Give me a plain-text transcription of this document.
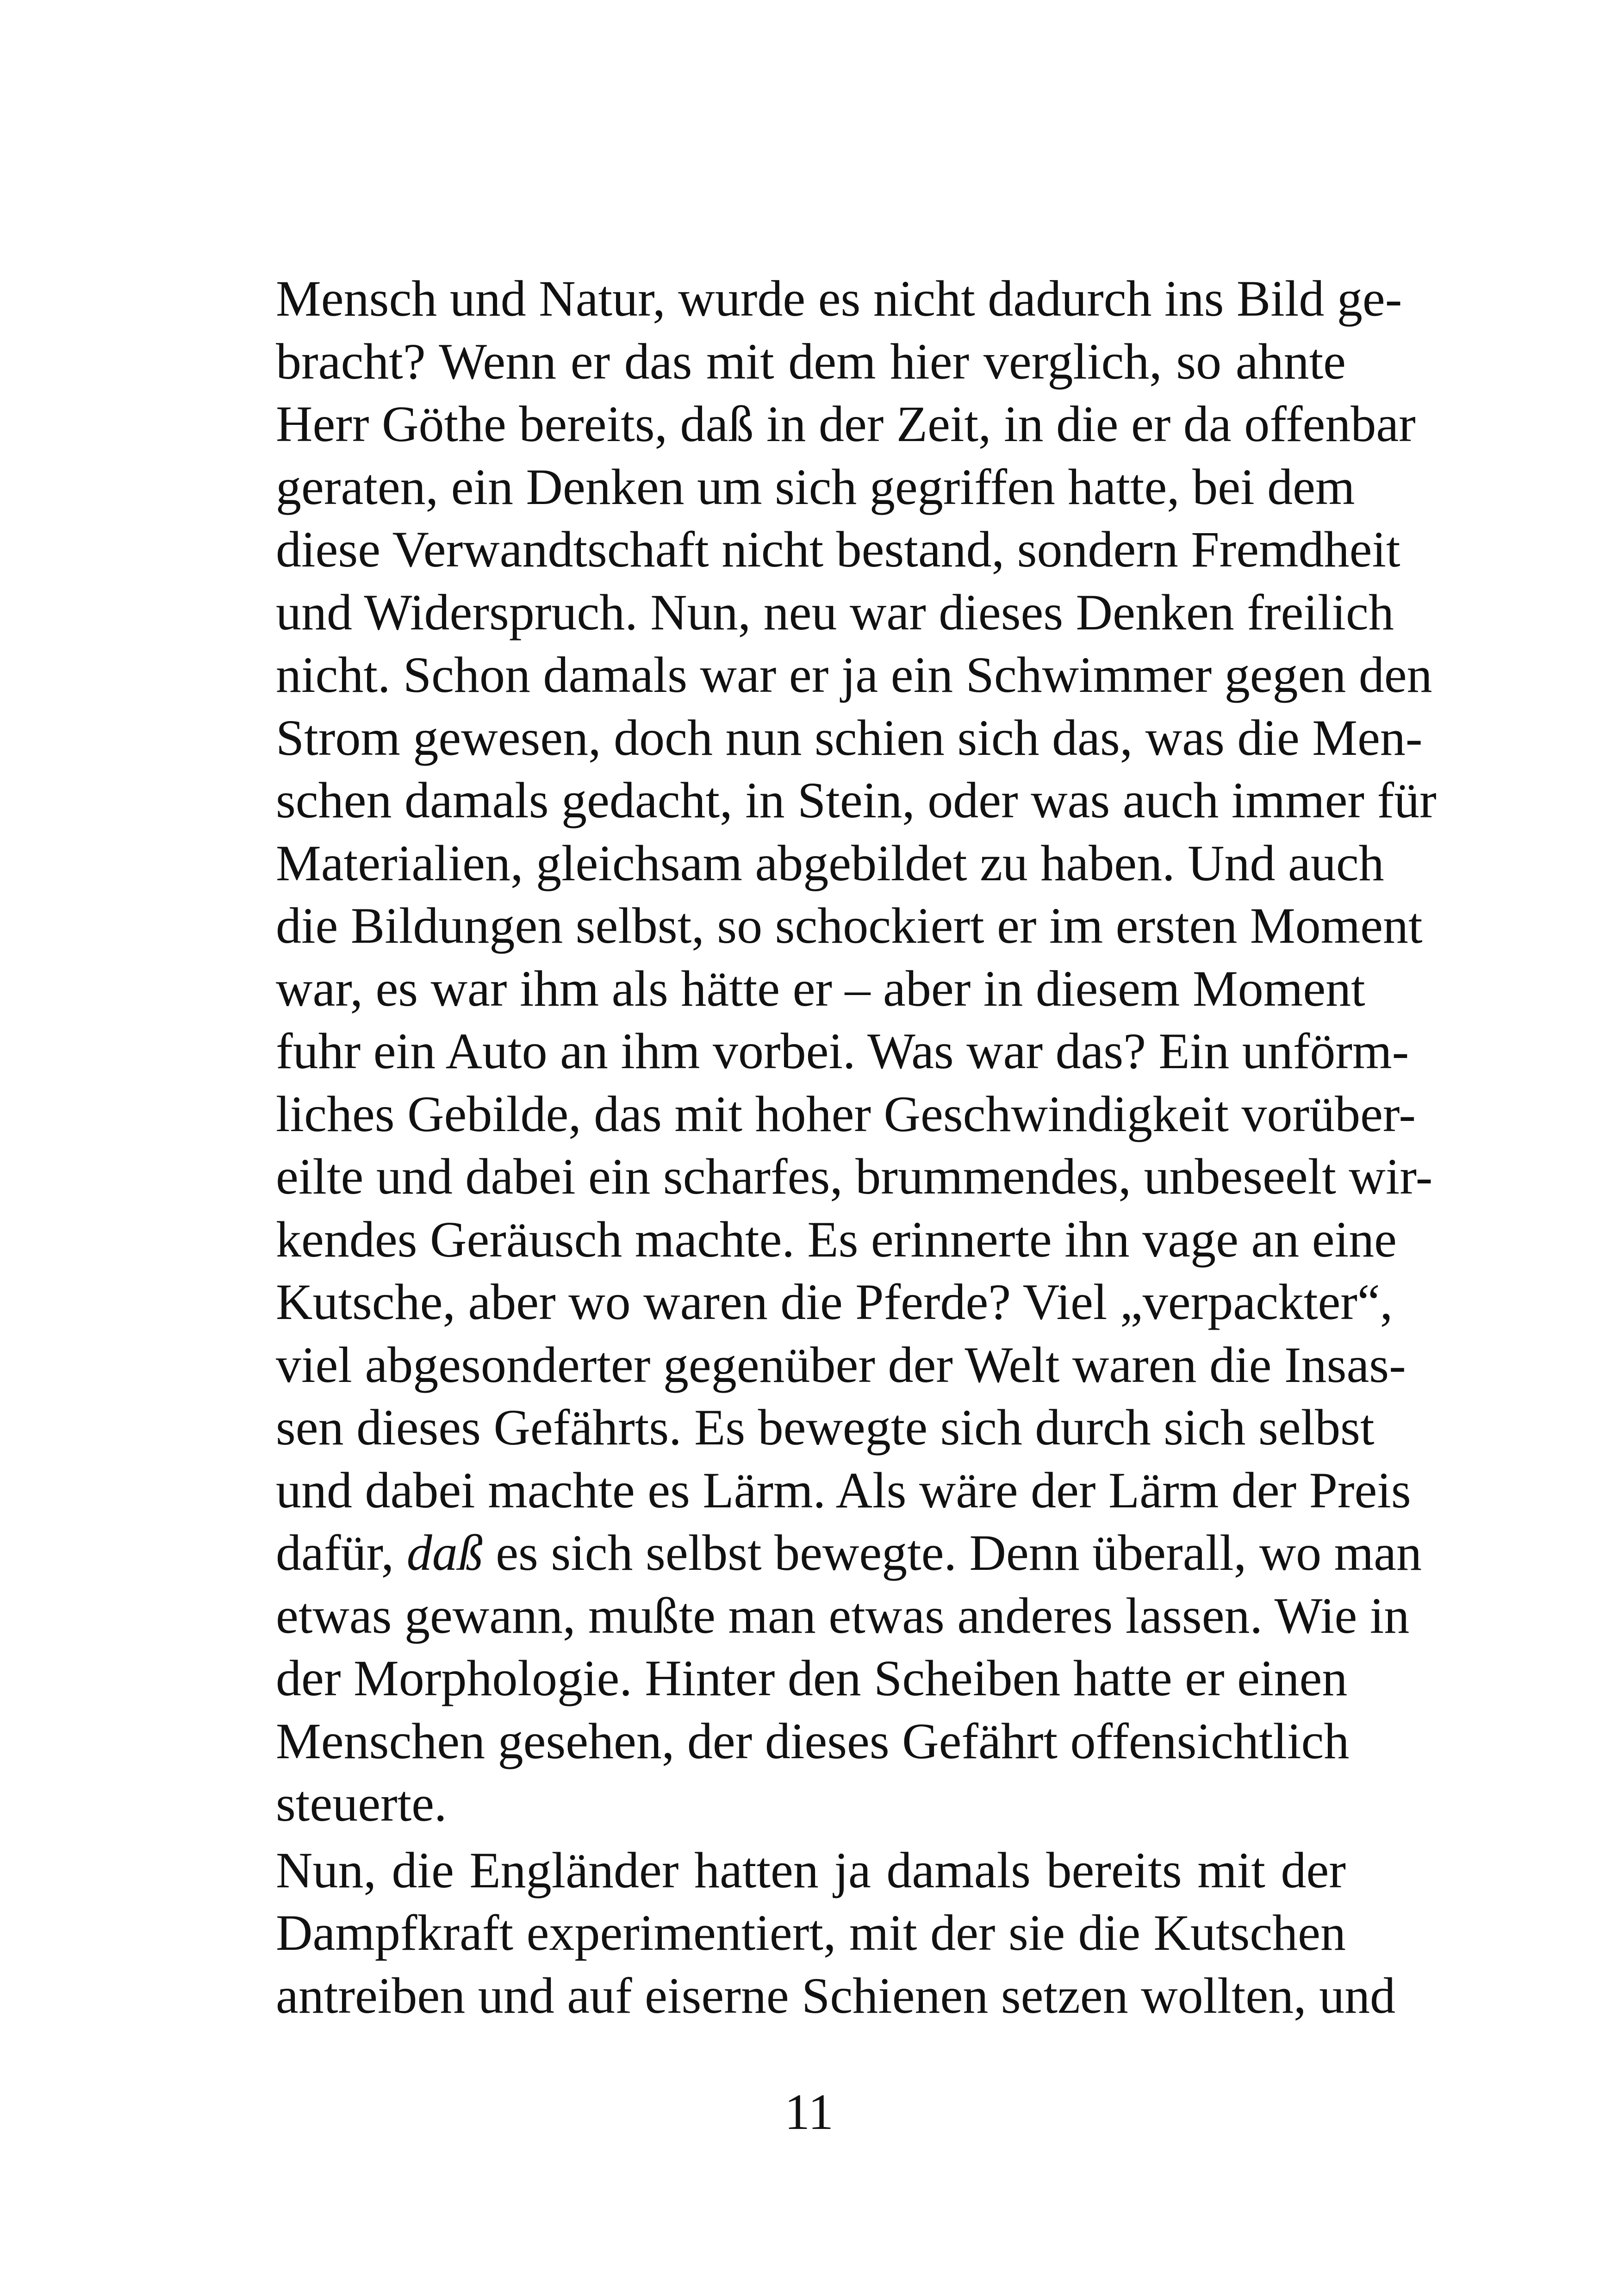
Mensch und Natur, wurde es nicht dadurch ins Bild ge-
bracht? Wenn er das mit dem hier verglich, so ahnte
Herr Göthe bereits, daß in der Zeit, in die er da offenbar
geraten, ein Denken um sich gegriffen hatte, bei dem
diese Verwandtschaft nicht bestand, sondern Fremdheit
und Widerspruch. Nun, neu war dieses Denken freilich
nicht. Schon damals war er ja ein Schwimmer gegen den
Strom gewesen, doch nun schien sich das, was die Men-
schen damals gedacht, in Stein, oder was auch immer für
Materialien, gleichsam abgebildet zu haben. Und auch
die Bildungen selbst, so schockiert er im ersten Moment
war, es war ihm als hätte er – aber in diesem Moment
fuhr ein Auto an ihm vorbei. Was war das? Ein unförm-
liches Gebilde, das mit hoher Geschwindigkeit vorüber-
eilte und dabei ein scharfes, brummendes, unbeseelt wir-
kendes Geräusch machte. Es erinnerte ihn vage an eine
Kutsche, aber wo waren die Pferde? Viel „verpackter“,
viel abgesonderter gegenüber der Welt waren die Insas-
sen dieses Gefährts. Es bewegte sich durch sich selbst
und dabei machte es Lärm. Als wäre der Lärm der Preis
dafür, daß es sich selbst bewegte. Denn überall, wo man
etwas gewann, mußte man etwas anderes lassen. Wie in
der Morphologie. Hinter den Scheiben hatte er einen
Menschen gesehen, der dieses Gefährt offensichtlich
steuerte.
Nun, die Engländer hatten ja damals bereits mit der
Dampfkraft experimentiert, mit der sie die Kutschen
antreiben und auf eiserne Schienen setzen wollten, und
11
